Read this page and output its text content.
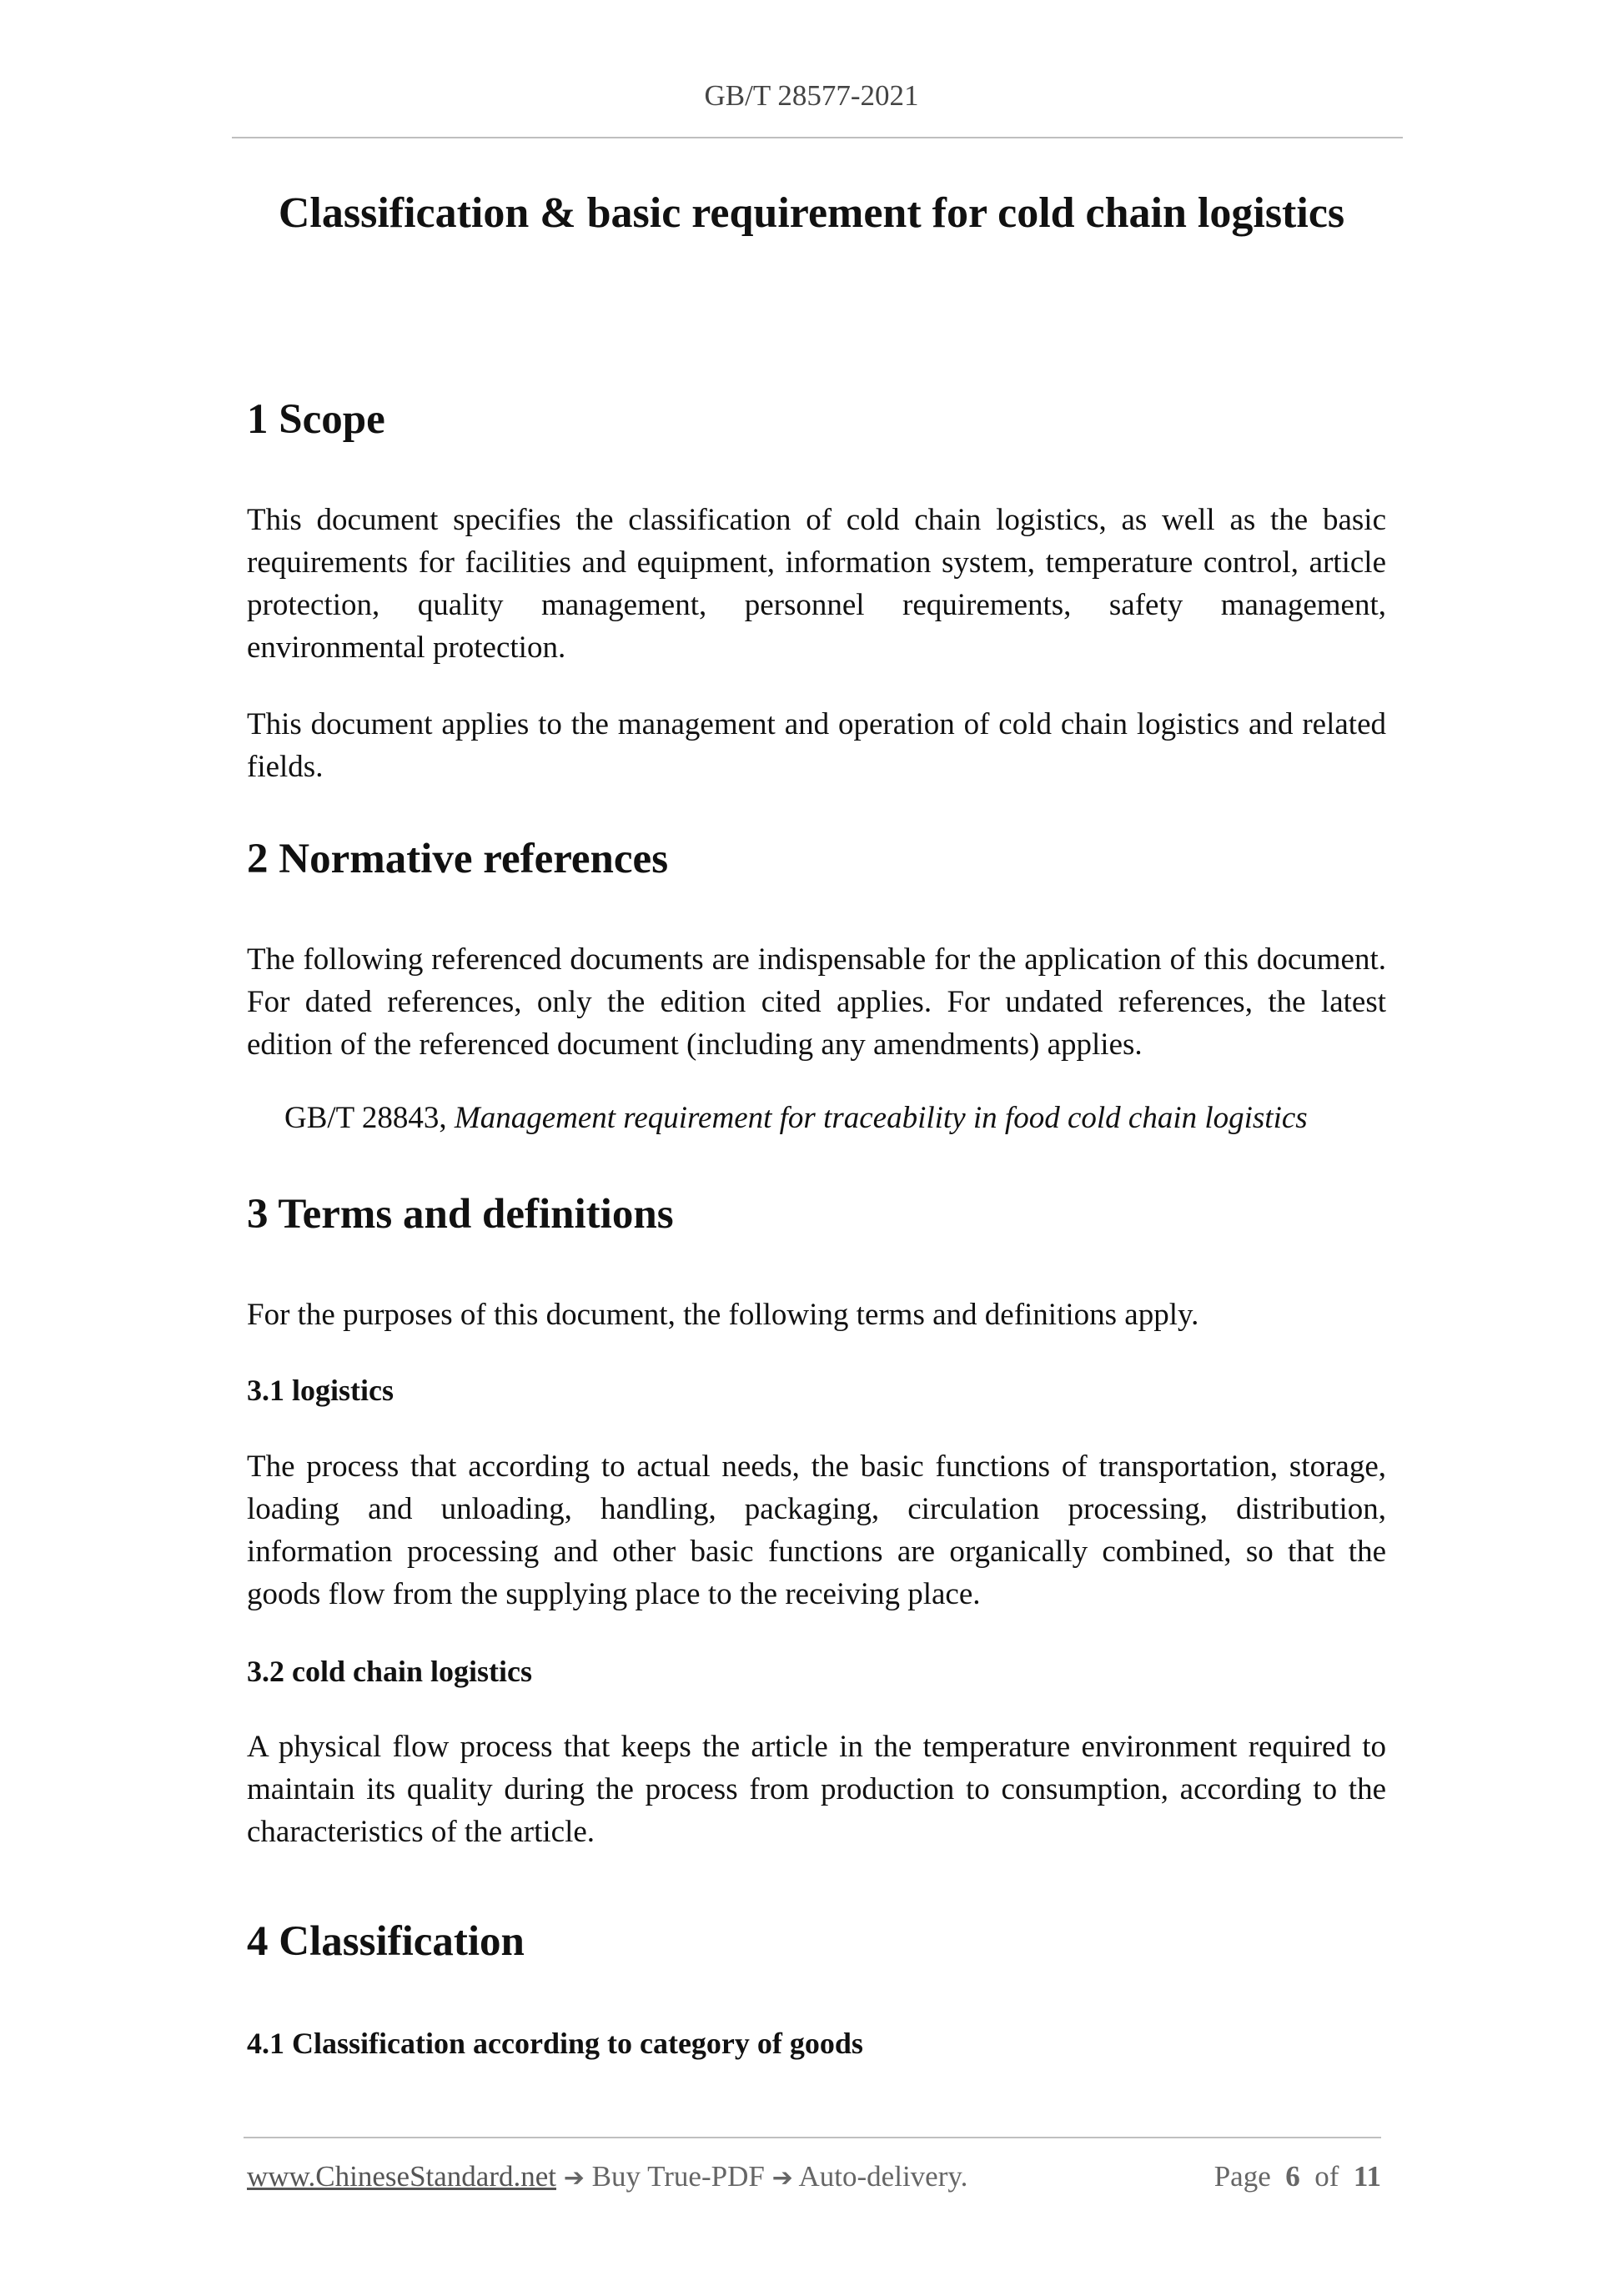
GB/T 28577-2021
Classification & basic requirement for cold chain logistics
1 Scope

This document specifies the classification of cold chain logistics, as well as the basic requirements for facilities and equipment, information system, temperature control, article protection, quality management, personnel requirements, safety management, environmental protection.

This document applies to the management and operation of cold chain logistics and related fields.

2 Normative references

The following referenced documents are indispensable for the application of this document. For dated references, only the edition cited applies. For undated references, the latest edition of the referenced document (including any amendments) applies.

GB/T 28843, Management requirement for traceability in food cold chain logistics

3 Terms and definitions

For the purposes of this document, the following terms and definitions apply.

3.1 logistics

The process that according to actual needs, the basic functions of transportation, storage, loading and unloading, handling, packaging, circulation processing, distribution, information processing and other basic functions are organically combined, so that the goods flow from the supplying place to the receiving place.

3.2 cold chain logistics

A physical flow process that keeps the article in the temperature environment required to maintain its quality during the process from production to consumption, according to the characteristics of the article.

4 Classification
4.1 Classification according to category of goods
www.ChineseStandard.net ➔ Buy True-PDF ➔ Auto-delivery.	Page 6 of 11
